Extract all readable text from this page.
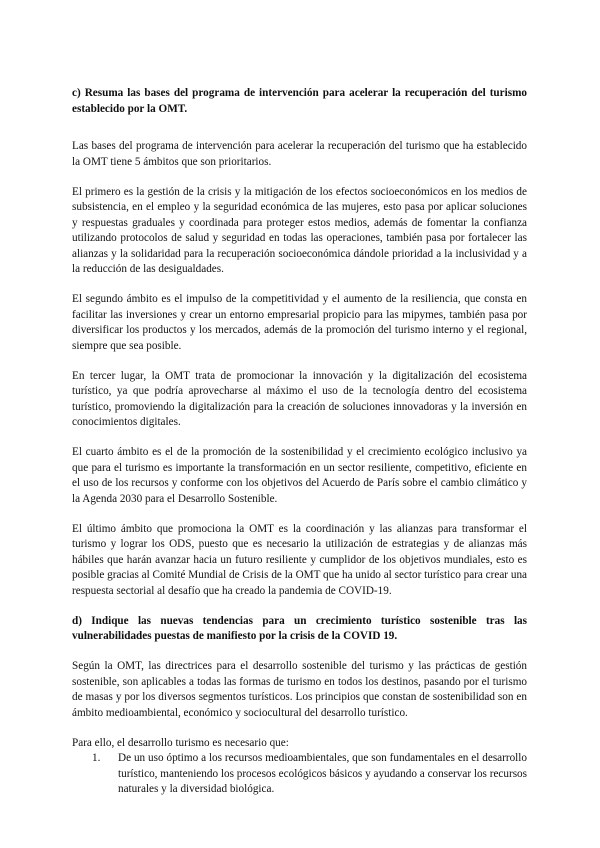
c) Resuma las bases del programa de intervención para acelerar la recuperación del turismo establecido por la OMT.

Las bases del programa de intervención para acelerar la recuperación del turismo que ha establecido la OMT tiene 5 ámbitos que son prioritarios.

El primero es la gestión de la crisis y la mitigación de los efectos socioeconómicos en los medios de subsistencia, en el empleo y la seguridad económica de las mujeres, esto pasa por aplicar soluciones y respuestas graduales y coordinada para proteger estos medios, además de fomentar la confianza utilizando protocolos de salud y seguridad en todas las operaciones, también pasa por fortalecer las alianzas y la solidaridad para la recuperación socioeconómica dándole prioridad a la inclusividad y a la reducción de las desigualdades.

El segundo ámbito es el impulso de la competitividad y el aumento de la resiliencia, que consta en facilitar las inversiones y crear un entorno empresarial propicio para las mipymes, también pasa por diversificar los productos y los mercados, además de la promoción del turismo interno y el regional, siempre que sea posible.

En tercer lugar, la OMT trata de promocionar la innovación y la digitalización del ecosistema turístico, ya que podría aprovecharse al máximo el uso de la tecnología dentro del ecosistema turístico, promoviendo la digitalización para la creación de soluciones innovadoras y la inversión en conocimientos digitales.

El cuarto ámbito es el de la promoción de la sostenibilidad y el crecimiento ecológico inclusivo ya que para el turismo es importante la transformación en un sector resiliente, competitivo, eficiente en el uso de los recursos y conforme con los objetivos del Acuerdo de París sobre el cambio climático y la Agenda 2030 para el Desarrollo Sostenible.

El último ámbito que promociona la OMT es la coordinación y las alianzas para transformar el turismo y lograr los ODS, puesto que es necesario la utilización de estrategias y de alianzas más hábiles que harán avanzar hacia un futuro resiliente y cumplidor de los objetivos mundiales, esto es posible gracias al Comité Mundial de Crisis de la OMT que ha unido al sector turístico para crear una respuesta sectorial al desafío que ha creado la pandemia de COVID-19.

d) Indique las nuevas tendencias para un crecimiento turístico sostenible tras las vulnerabilidades puestas de manifiesto por la crisis de la COVID 19.

Según la OMT, las directrices para el desarrollo sostenible del turismo y las prácticas de gestión sostenible, son aplicables a todas las formas de turismo en todos los destinos, pasando por el turismo de masas y por los diversos segmentos turísticos. Los principios que constan de sostenibilidad son en ámbito medioambiental, económico y sociocultural del desarrollo turístico.

Para ello, el desarrollo turismo es necesario que:

1.	De un uso óptimo a los recursos medioambientales, que son fundamentales en el desarrollo turístico, manteniendo los procesos ecológicos básicos y ayudando a conservar los recursos naturales y la diversidad biológica.
